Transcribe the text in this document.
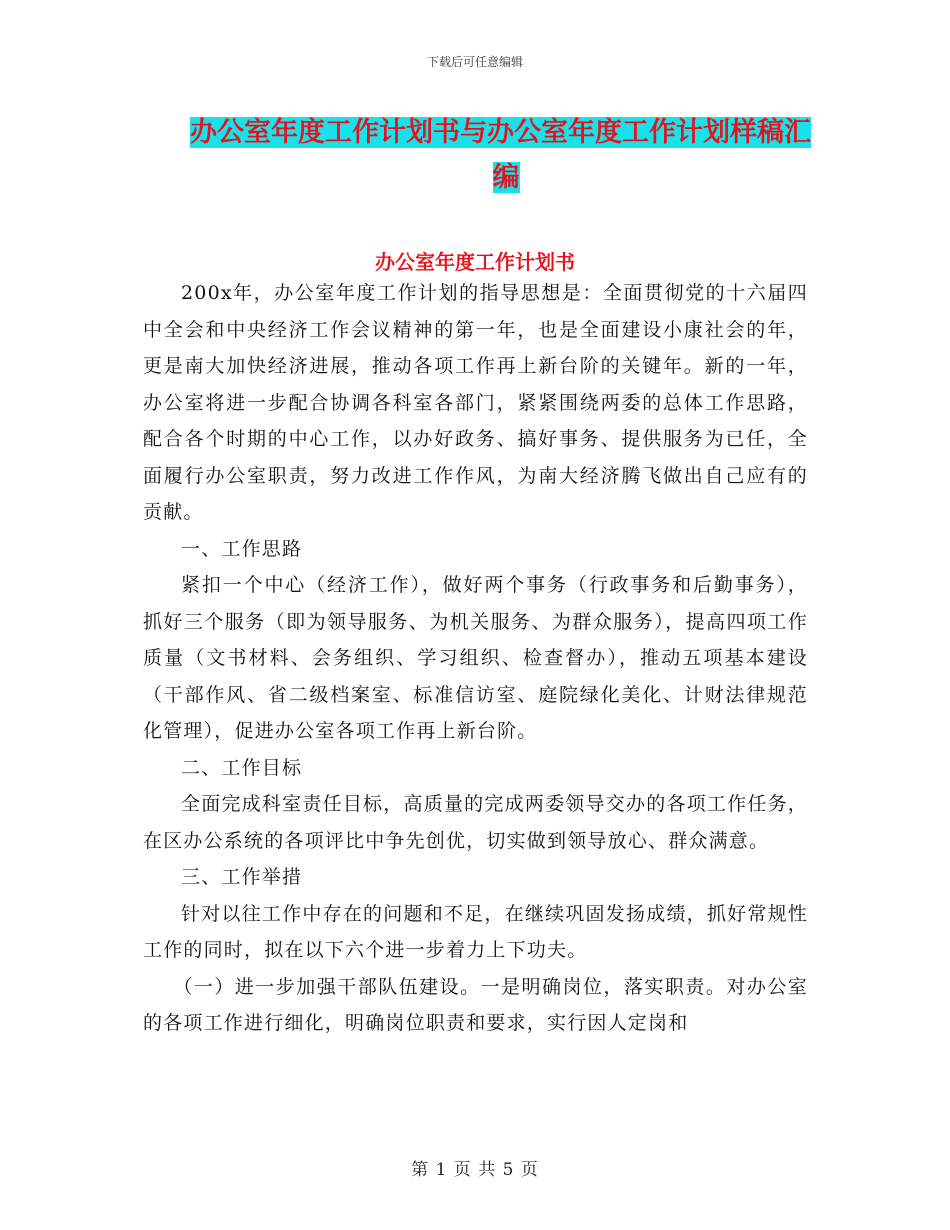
下载后可任意编辑
办公室年度工作计划书与办公室年度工作计划样稿汇
编
办公室年度工作计划书

200x年，办公室年度工作计划的指导思想是：全面贯彻党的十六届四中全会和中央经济工作会议精神的第一年，也是全面建设小康社会的年，更是南大加快经济进展，推动各项工作再上新台阶的关键年。新的一年，办公室将进一步配合协调各科室各部门，紧紧围绕两委的总体工作思路，配合各个时期的中心工作，以办好政务、搞好事务、提供服务为已任，全面履行办公室职责，努力改进工作作风，为南大经济腾飞做出自己应有的贡献。

一、工作思路

紧扣一个中心（经济工作），做好两个事务（行政事务和后勤事务），抓好三个服务（即为领导服务、为机关服务、为群众服务），提高四项工作质量（文书材料、会务组织、学习组织、检查督办），推动五项基本建设（干部作风、省二级档案室、标准信访室、庭院绿化美化、计财法律规范化管理），促进办公室各项工作再上新台阶。

二、工作目标

全面完成科室责任目标，高质量的完成两委领导交办的各项工作任务，在区办公系统的各项评比中争先创优，切实做到领导放心、群众满意。

三、工作举措

针对以往工作中存在的问题和不足，在继续巩固发扬成绩，抓好常规性工作的同时，拟在以下六个进一步着力上下功夫。

（一）进一步加强干部队伍建设。一是明确岗位，落实职责。对办公室的各项工作进行细化，明确岗位职责和要求，实行因人定岗和

第 1 页 共 5 页
